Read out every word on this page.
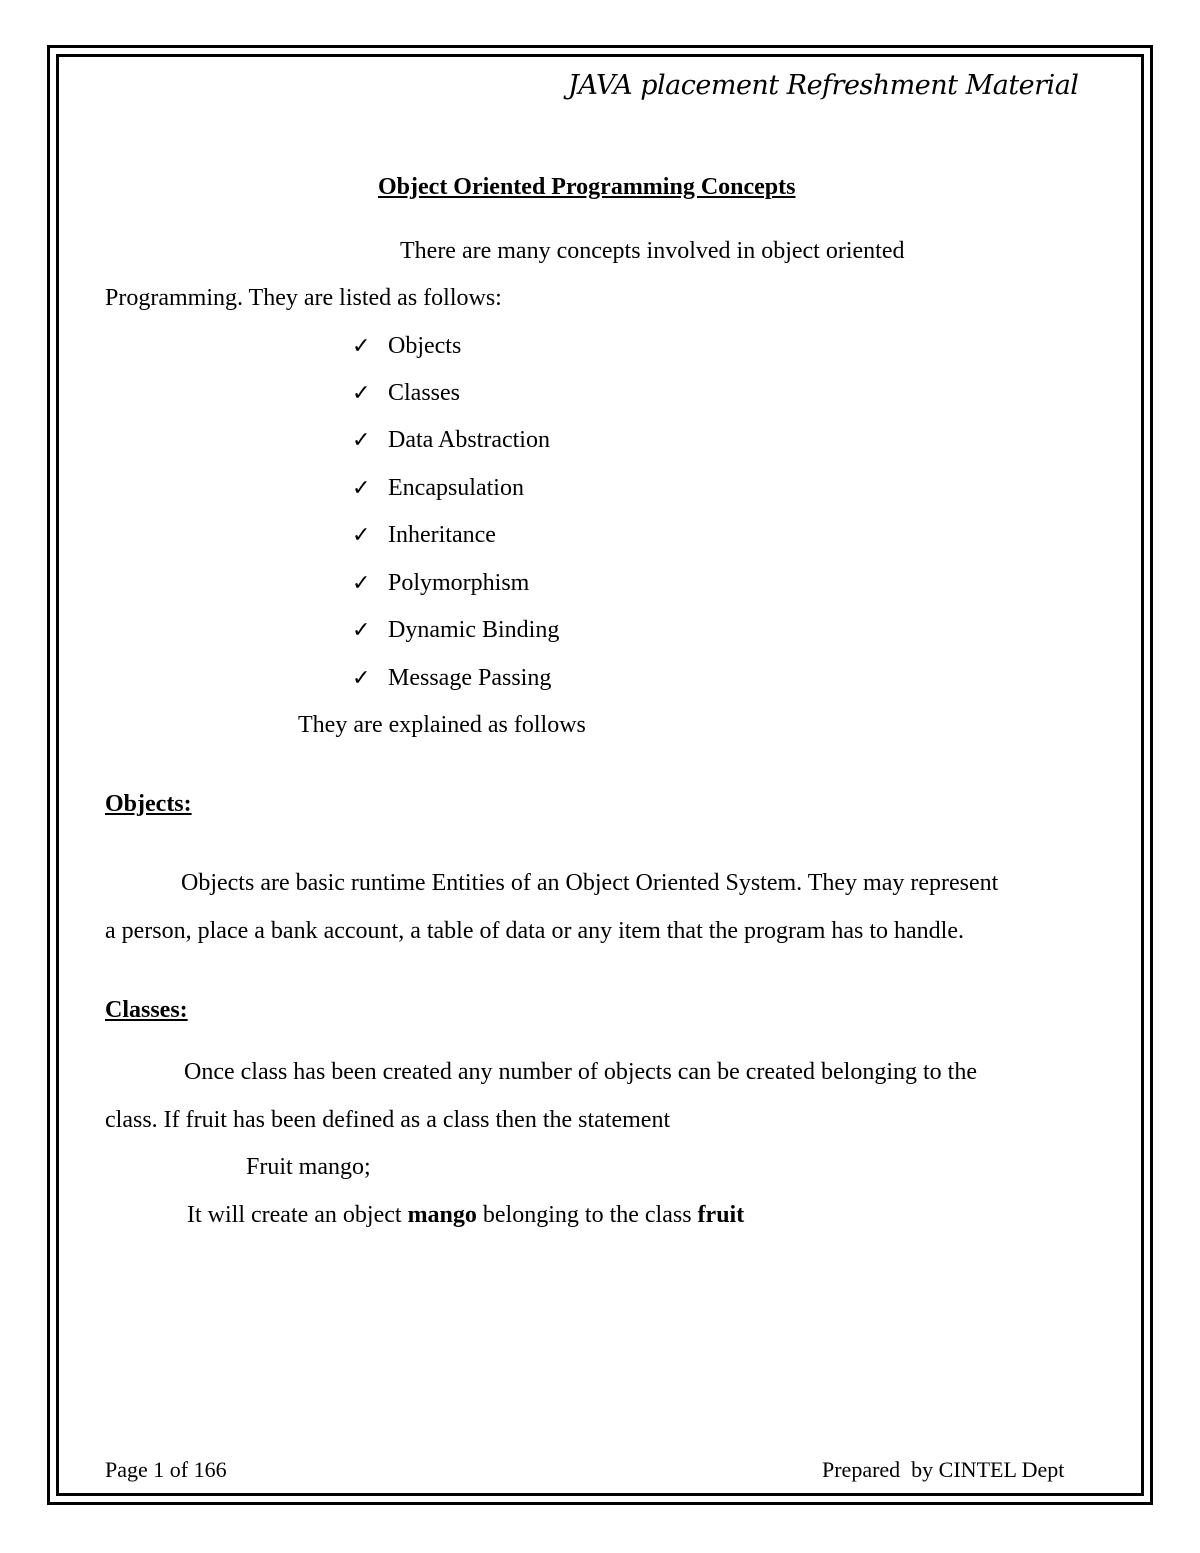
JAVA placement Refreshment Material
Object Oriented Programming Concepts
There are many concepts involved in object oriented
Programming. They are listed as follows:
✓ Objects
✓ Classes
✓ Data Abstraction
✓ Encapsulation
✓ Inheritance
✓ Polymorphism
✓ Dynamic Binding
✓ Message Passing
They are explained as follows
Objects:
Objects are basic runtime Entities of an Object Oriented System. They may represent
a person, place a bank account, a table of data or any item that the program has to handle.
Classes:
Once class has been created any number of objects can be created belonging to the
class. If fruit has been defined as a class then the statement
Fruit mango;
It will create an object mango belonging to the class fruit
Page 1 of 166	Prepared  by CINTEL Dept
